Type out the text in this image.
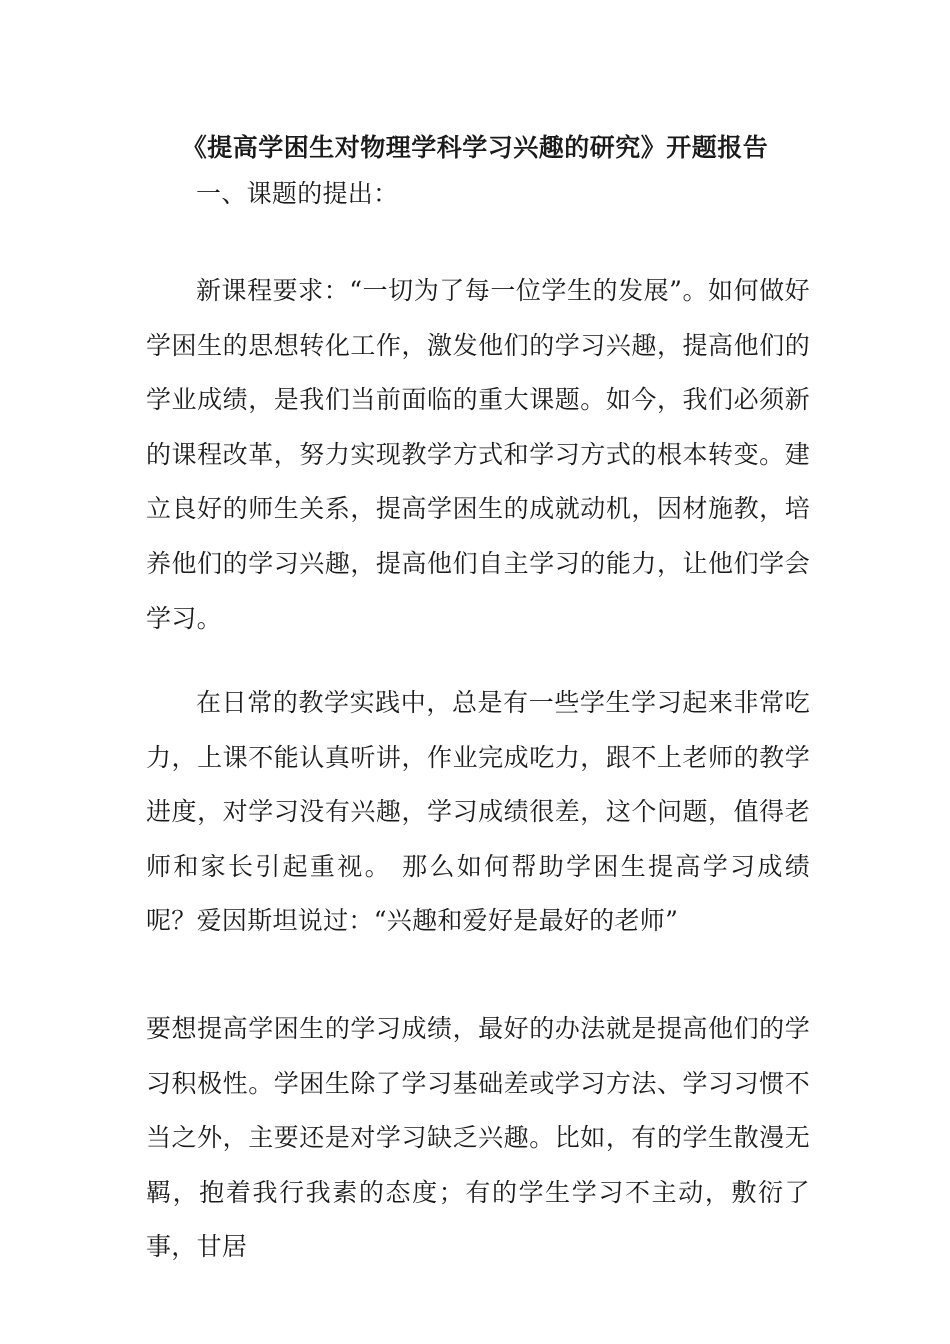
《提高学困生对物理学科学习兴趣的研究》开题报告

一、课题的提出：

新课程要求：“一切为了每一位学生的发展”。如何做好学困生的思想转化工作，激发他们的学习兴趣，提高他们的学业成绩，是我们当前面临的重大课题。如今，我们必须新的课程改革，努力实现教学方式和学习方式的根本转变。建立良好的师生关系，提高学困生的成就动机，因材施教，培养他们的学习兴趣，提高他们自主学习的能力，让他们学会学习。

在日常的教学实践中，总是有一些学生学习起来非常吃力，上课不能认真听讲，作业完成吃力，跟不上老师的教学进度，对学习没有兴趣，学习成绩很差，这个问题，值得老师和家长引起重视。 那么如何帮助学困生提高学习成绩呢？爱因斯坦说过：“兴趣和爱好是最好的老师”

要想提高学困生的学习成绩，最好的办法就是提高他们的学习积极性。学困生除了学习基础差或学习方法、学习习惯不当之外，主要还是对学习缺乏兴趣。比如，有的学生散漫无羁，抱着我行我素的态度；有的学生学习不主动，敷衍了事，甘居
